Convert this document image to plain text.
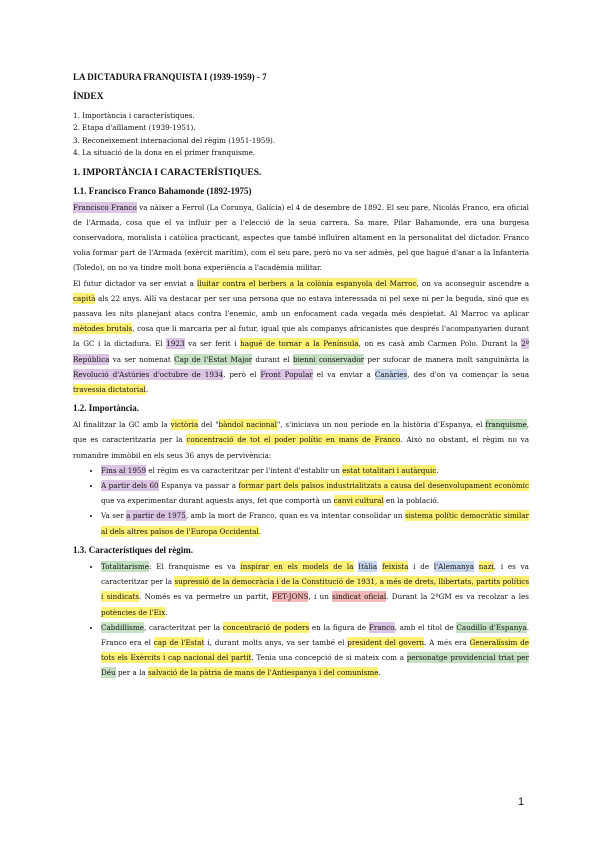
LA DICTADURA FRANQUISTA I (1939-1959) - 7
ÍNDEX

1. Importància i característiques.

2. Etapa d'aïllament (1939-1951).

3. Reconeixement internacional del règim (1951-1959).

4. La situació de la dona en el primer franquisme.

1. IMPORTÀNCIA I CARACTERÍSTIQUES.
1.1. Francisco Franco Bahamonde (1892-1975)

Francisco Franco va nàixer a Ferrol (La Corunya, Galícia) el 4 de desembre de 1892. El seu pare, Nicolás Franco, era oficial de l'Armada, cosa que el va influir per a l'elecció de la seua carrera. Sa mare, Pilar Bahamonde, era una burgesa conservadora, moralista i catòlica practicant, aspectes que també influïren altament en la personalitat del dictador. Franco volia formar part de l'Armada (exèrcit marítim), com el seu pare, però no va ser admès, pel que hagué d'anar a la Infanteria (Toledo), on no va tindre molt bona experiència a l'acadèmia militar.

El futur dictador va ser enviat a lluitar contra el berbers a la colònia espanyola del Marroc, on va aconseguir ascendre a capità als 22 anys. Allí va destacar per ser una persona que no estava interessada ni pel sexe ni per la beguda, sinó que es passava les nits planejant atacs contra l'enemic, amb un enfocament cada vegada més despietat. Al Marroc va aplicar mètodes brutals, cosa que li marcaria per al futur, igual que als companys africanistes que després l'acompanyarien durant la GC i la dictadura. El 1923 va ser ferit i hagué de tornar a la Península, on es casà amb Carmen Polo. Durant la 2ª República va ser nomenat Cap de l'Estat Major durant el bienni conservador per sufocar de manera molt sanguinària la Revolució d'Astúries d'octubre de 1934, però el Front Popular el va enviar a Canàries, des d'on va començar la seua travessia dictatorial.

1.2. Importància.

Al finalitzar la GC amb la victòria del "bàndol nacional", s'iniciava un nou període en la història d'Espanya, el franquisme, que es caracteritzaria per la concentració de tot el poder polític en mans de Franco. Això no obstant, el règim no va romandre immòbil en els seus 36 anys de pervivència:

• Fins al 1959 el règim es va caracteritzar per l'intent d'establir un estat totalitari i autàrquic.
• A partir dels 60 Espanya va passar a formar part dels països industrialitzats a causa del desenvolupament econòmic que va experimentar durant aquests anys, fet que comportà un canvi cultural en la població.
• Va ser a partir de 1975, amb la mort de Franco, quan es va intentar consolidar un sistema polític democràtic similar al dels altres països de l'Europa Occidental.
1.3. Característiques del règim.
• Totalitarisme: El franquisme es va inspirar en els models de la Itàlia feixista i de l'Alemanya nazi, i es va caracteritzar per la supressió de la democràcia i de la Constitució de 1931, a més de drets, llibertats, partits polítics i sindicats. Només es va permetre un partit, FET-JONS, i un sindicat oficial. Durant la 2ªGM es va recolzar a les potències de l'Eix.
• Cabdillisme, caracteritzat per la concentració de poders en la figura de Franco, amb el títol de Caudillo d'Espanya. Franco era el cap de l'Estat i, durant molts anys, va ser també el president del govern. A més era Generalíssim de tots els Exèrcits i cap nacional del partit. Tenia una concepció de si mateix com a personatge providencial triat per Déu per a la salvació de la pàtria de mans de l'Antiespanya i del comunisme.
1
